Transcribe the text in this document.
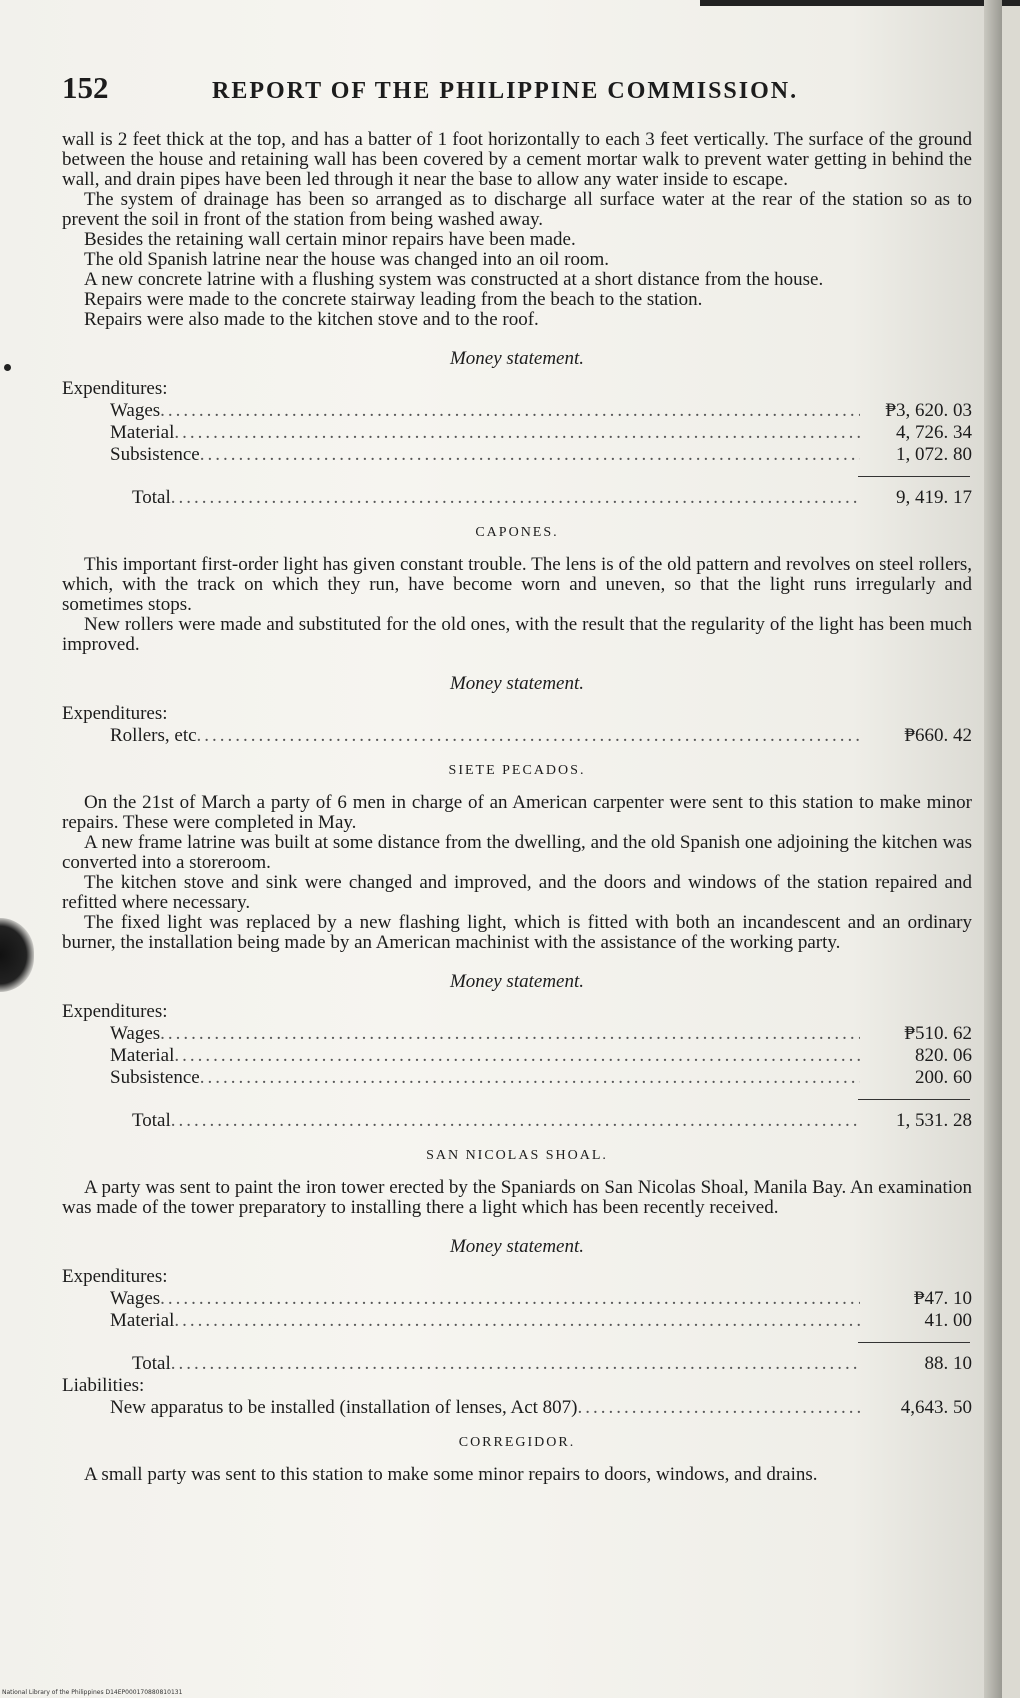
152	REPORT OF THE PHILIPPINE COMMISSION.

wall is 2 feet thick at the top, and has a batter of 1 foot horizontally to each 3 feet vertically. The surface of the ground between the house and retaining wall has been covered by a cement mortar walk to prevent water getting in behind the wall, and drain pipes have been led through it near the base to allow any water inside to escape.

The system of drainage has been so arranged as to discharge all surface water at the rear of the station so as to prevent the soil in front of the station from being washed away.

Besides the retaining wall certain minor repairs have been made.

The old Spanish latrine near the house was changed into an oil room.

A new concrete latrine with a flushing system was constructed at a short distance from the house.

Repairs were made to the concrete stairway leading from the beach to the station.

Repairs were also made to the kitchen stove and to the roof.

Money statement.
Expenditures:
Wages .....	₱3, 620. 03
Material .....	4, 726. 34
Subsistence .....	1, 072. 80
Total .....	9, 419. 17
CAPONES.

This important first-order light has given constant trouble. The lens is of the old pattern and revolves on steel rollers, which, with the track on which they run, have become worn and uneven, so that the light runs irregularly and sometimes stops.

New rollers were made and substituted for the old ones, with the result that the regularity of the light has been much improved.

Money statement.
Expenditures:
Rollers, etc .....	₱660. 42
SIETE PECADOS.

On the 21st of March a party of 6 men in charge of an American carpenter were sent to this station to make minor repairs. These were completed in May.

A new frame latrine was built at some distance from the dwelling, and the old Spanish one adjoining the kitchen was converted into a storeroom.

The kitchen stove and sink were changed and improved, and the doors and windows of the station repaired and refitted where necessary.

The fixed light was replaced by a new flashing light, which is fitted with both an incandescent and an ordinary burner, the installation being made by an American machinist with the assistance of the working party.

Money statement.
Expenditures:
Wages .....	₱510. 62
Material .....	820. 06
Subsistence .....	200. 60
Total .....	1, 531. 28
SAN NICOLAS SHOAL.

A party was sent to paint the iron tower erected by the Spaniards on San Nicolas Shoal, Manila Bay. An examination was made of the tower preparatory to installing there a light which has been recently received.

Money statement.
Expenditures:
Wages .....	₱47. 10
Material .....	41. 00
Total .....	88. 10
Liabilities:
New apparatus to be installed (installation of lenses, Act 807) .....	4,643. 50
CORREGIDOR.

A small party was sent to this station to make some minor repairs to doors, windows, and drains.

National Library of the Philippines D14EP000170880810131
